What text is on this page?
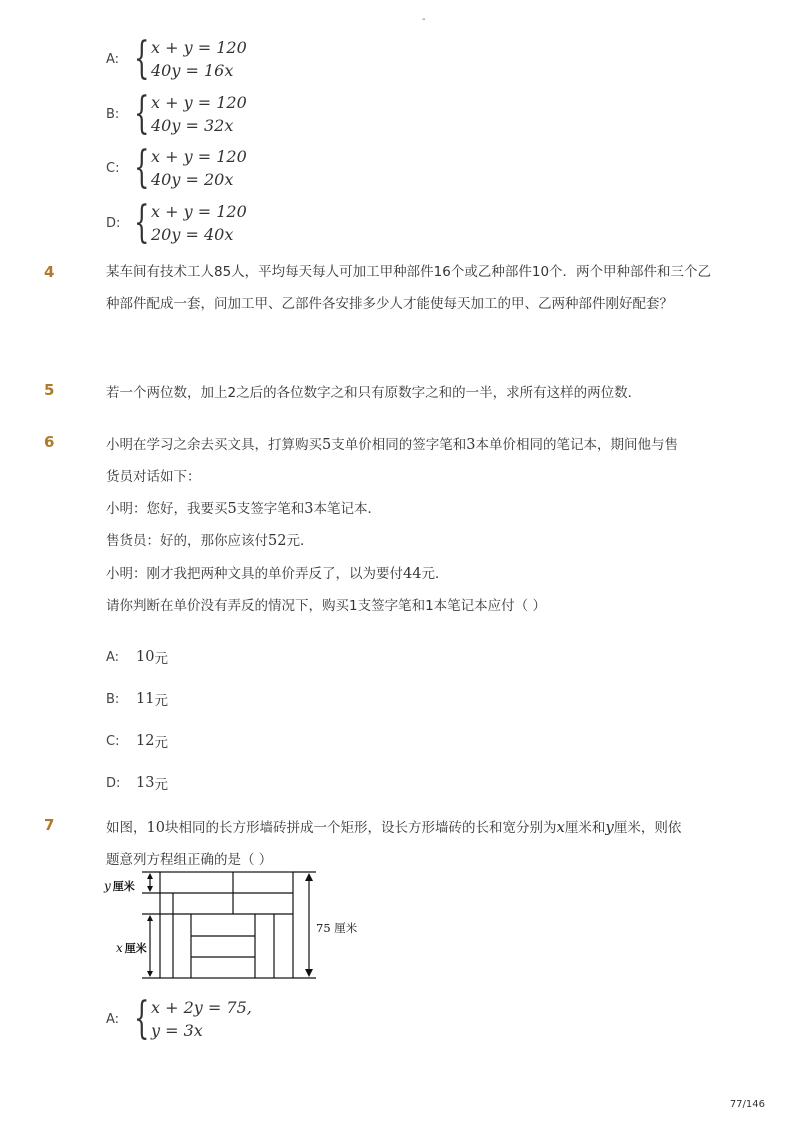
-
A: { x + y = 120
40y = 16x
B: { x + y = 120
40y = 32x
C: { x + y = 120
40y = 20x
D: { x + y = 120
20y = 40x
4	某车间有技术工人85人，平均每天每人可加工甲种部件16个或乙种部件10个．两个甲种部件和三个乙种部件配成一套，问加工甲、乙部件各安排多少人才能使每天加工的甲、乙两种部件刚好配套？
5	若一个两位数，加上2之后的各位数字之和只有原数字之和的一半，求所有这样的两位数．
6	小明在学习之余去买文具，打算购买5支单价相同的签字笔和3本单价相同的笔记本，期间他与售
货员对话如下：
小明：您好，我要买5支签字笔和3本笔记本．
售货员：好的，那你应该付52元．
小明：刚才我把两种文具的单价弄反了，以为要付44元．
请你判断在单价没有弄反的情况下，购买1支签字笔和1本笔记本应付（ ）
A:	10 元
B:	11 元
C:	12 元
D:	13 元
7	如图，10块相同的长方形墙砖拼成一个矩形，设长方形墙砖的长和宽分别为x厘米和y厘米，则依
题意列方程组正确的是（ ）
y 厘米
x 厘米
75 厘米
A: { x + 2y = 75,
y = 3x
77/146
